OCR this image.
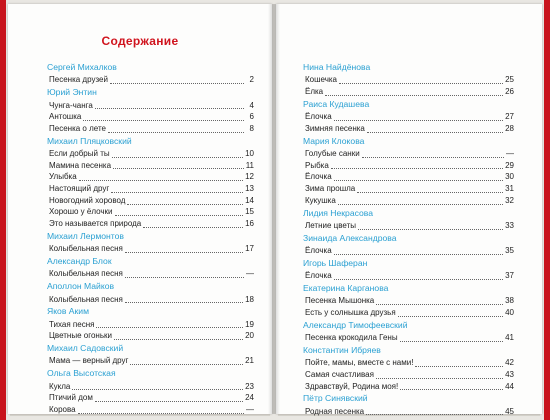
Содержание
Сергей Михалков
Песенка друзей	2
Юрий Энтин
Чунга-чанга	4
Антошка	6
Песенка о лете	8
Михаил Пляцковский
Если добрый ты	10
Мамина песенка	11
Улыбка	12
Настоящий друг	13
Новогодний хоровод	14
Хорошо у ёлочки	15
Это называется природа	16
Михаил Лермонтов
Колыбельная песня	17
Александр Блок
Колыбельная песня	—
Аполлон Майков
Колыбельная песня	18
Яков Аким
Тихая песня	19
Цветные огоньки	20
Михаил Садовский
Мама — верный друг	21
Ольга Высотская
Кукла	23
Птичий дом	24
Корова	—
Нина Найдёнова
Кошечка	25
Ёлка	26
Раиса Кудашева
Ёлочка	27
Зимняя песенка	28
Мария Клокова
Голубые санки	—
Рыбка	29
Ёлочка	30
Зима прошла	31
Кукушка	32
Лидия Некрасова
Летние цветы	33
Зинаида Александрова
Ёлочка	35
Игорь Шаферан
Ёлочка	37
Екатерина Карганова
Песенка Мышонка	38
Есть у солнышка друзья	40
Александр Тимофеевский
Песенка крокодила Гены	41
Константин Ибряев
Пойте, мамы, вместе с нами!	42
Самая счастливая	43
Здравствуй, Родина моя!	44
Пётр Синявский
Родная песенка	45
